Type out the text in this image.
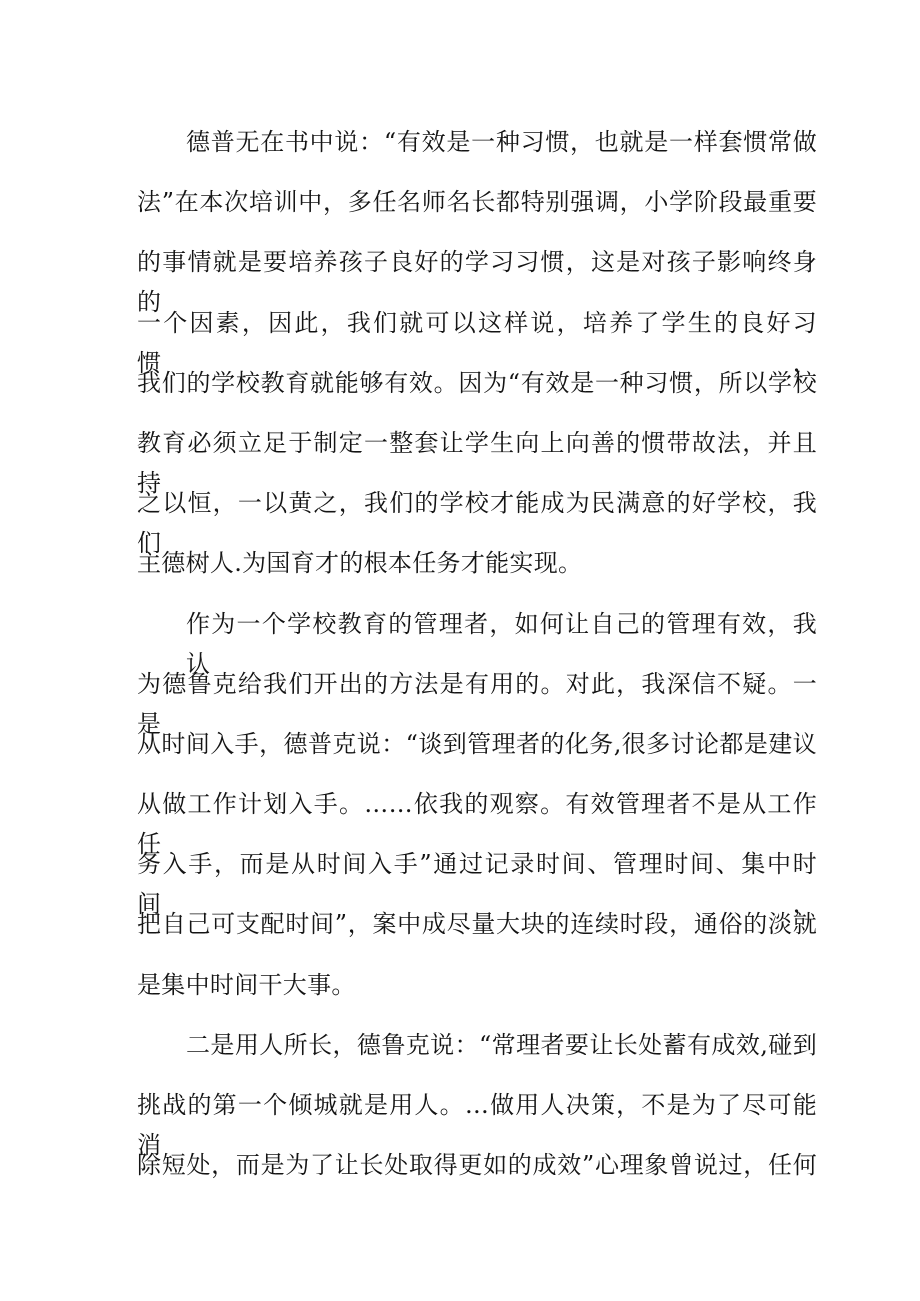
德普无在书中说：“有效是一种习惯，也就是一样套惯常做
法”在本次培训中，多任名师名长都特别强调，小学阶段最重要
的事情就是要培养孩子良好的学习习惯，这是对孩子影响终身的
一个因素，因此，我们就可以这样说，培养了学生的良好习惯，
我们的学校教育就能够有效。因为“有效是一种习惯，所以学校
教育必须立足于制定一整套让学生向上向善的惯带故法，并且持
之以恒，一以黄之，我们的学校才能成为民满意的好学校，我们
主德树人.为国育才的根本任务才能实现。
作为一个学校教育的管理者，如何让自己的管理有效，我认
为德鲁克给我们开出的方法是有用的。对此，我深信不疑。一是
从时间入手，德普克说：“谈到管理者的化务,很多讨论都是建议
从做工作计划入手。……依我的观察。有效管理者不是从工作任
务入手，而是从时间入手”通过记录时间、管理时间、集中时间，
把自己可支配时间”，案中成尽量大块的连续时段，通俗的淡就
是集中时间干大事。
二是用人所长，德鲁克说：“常理者要让长处蓄有成效,碰到
挑战的第一个倾城就是用人。…做用人决策，不是为了尽可能消
除短处，而是为了让长处取得更如的成效”心理象曾说过，任何
